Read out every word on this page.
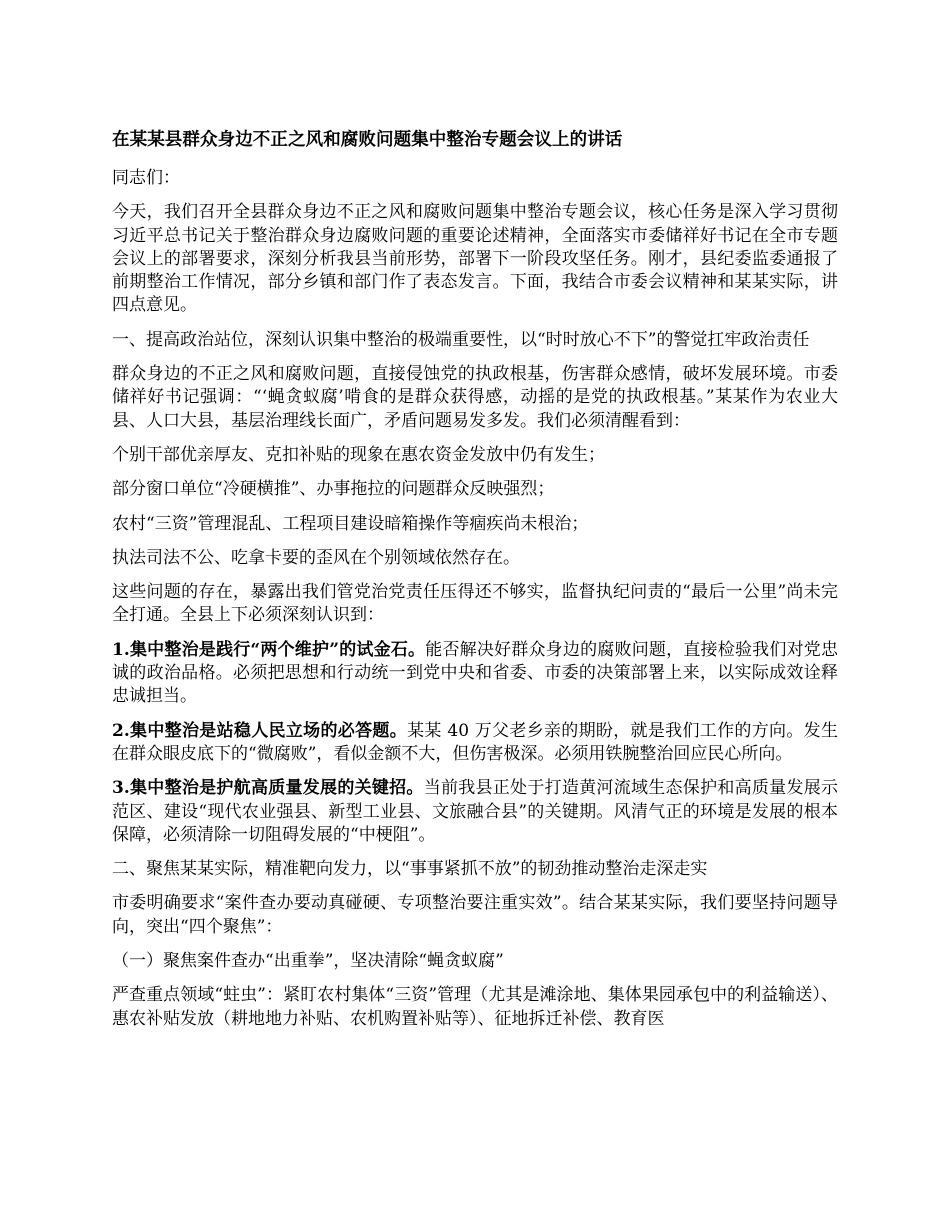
在某某县群众身边不正之风和腐败问题集中整治专题会议上的讲话

同志们：

今天，我们召开全县群众身边不正之风和腐败问题集中整治专题会议，核心任务是深入学习贯彻习近平总书记关于整治群众身边腐败问题的重要论述精神，全面落实市委储祥好书记在全市专题会议上的部署要求，深刻分析我县当前形势，部署下一阶段攻坚任务。刚才，县纪委监委通报了前期整治工作情况，部分乡镇和部门作了表态发言。下面，我结合市委会议精神和某某实际，讲四点意见。

一、提高政治站位，深刻认识集中整治的极端重要性，以“时时放心不下”的警觉扛牢政治责任

群众身边的不正之风和腐败问题，直接侵蚀党的执政根基，伤害群众感情，破坏发展环境。市委储祥好书记强调：“‘蝇贪蚁腐’啃食的是群众获得感，动摇的是党的执政根基。”某某作为农业大县、人口大县，基层治理线长面广，矛盾问题易发多发。我们必须清醒看到：

个别干部优亲厚友、克扣补贴的现象在惠农资金发放中仍有发生；

部分窗口单位“冷硬横推”、办事拖拉的问题群众反映强烈；

农村“三资”管理混乱、工程项目建设暗箱操作等痼疾尚未根治；

执法司法不公、吃拿卡要的歪风在个别领域依然存在。

这些问题的存在，暴露出我们管党治党责任压得还不够实，监督执纪问责的“最后一公里”尚未完全打通。全县上下必须深刻认识到：

1.集中整治是践行“两个维护”的试金石。能否解决好群众身边的腐败问题，直接检验我们对党忠诚的政治品格。必须把思想和行动统一到党中央和省委、市委的决策部署上来，以实际成效诠释忠诚担当。

2.集中整治是站稳人民立场的必答题。某某 40 万父老乡亲的期盼，就是我们工作的方向。发生在群众眼皮底下的“微腐败”，看似金额不大，但伤害极深。必须用铁腕整治回应民心所向。

3.集中整治是护航高质量发展的关键招。当前我县正处于打造黄河流域生态保护和高质量发展示范区、建设“现代农业强县、新型工业县、文旅融合县”的关键期。风清气正的环境是发展的根本保障，必须清除一切阻碍发展的“中梗阻”。

二、聚焦某某实际，精准靶向发力，以“事事紧抓不放”的韧劲推动整治走深走实

市委明确要求“案件查办要动真碰硬、专项整治要注重实效”。结合某某实际，我们要坚持问题导向，突出“四个聚焦”：

（一）聚焦案件查办“出重拳”，坚决清除“蝇贪蚁腐”

严查重点领域“蛀虫”：紧盯农村集体“三资”管理（尤其是滩涂地、集体果园承包中的利益输送）、惠农补贴发放（耕地地力补贴、农机购置补贴等）、征地拆迁补偿、教育医
